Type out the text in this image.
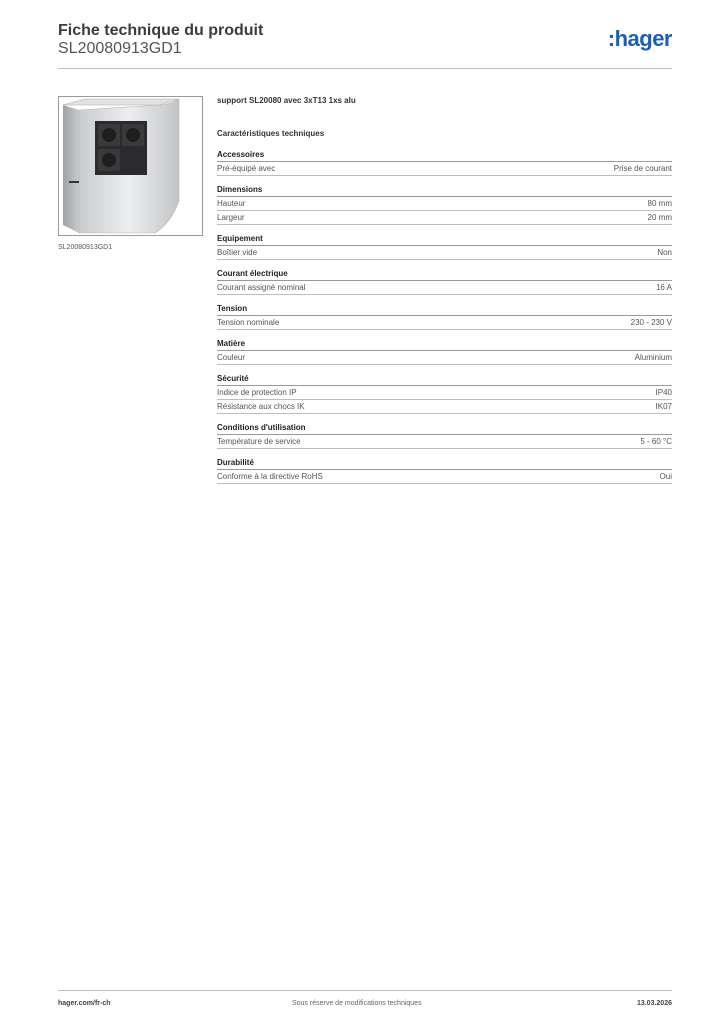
Fiche technique du produit
SL20080913GD1	:hager
SL20080913GD1
support SL20080 avec 3xT13 1xs alu
Caractéristiques techniques
Accessoires
Pré-équipé avec	Prise de courant
Dimensions
Hauteur	80 mm
Largeur	20 mm
Equipement
Boîtier vide	Non
Courant électrique
Courant assigné nominal	16 A
Tension
Tension nominale	230 - 230 V
Matière
Couleur	Aluminium
Sécurité
Indice de protection IP	IP40
Résistance aux chocs IK	IK07
Conditions d'utilisation
Température de service	5 - 60 °C
Durabilité
Conforme à la directive RoHS	Oui
hager.com/fr-ch	Sous réserve de modifications techniques	13.03.2026
